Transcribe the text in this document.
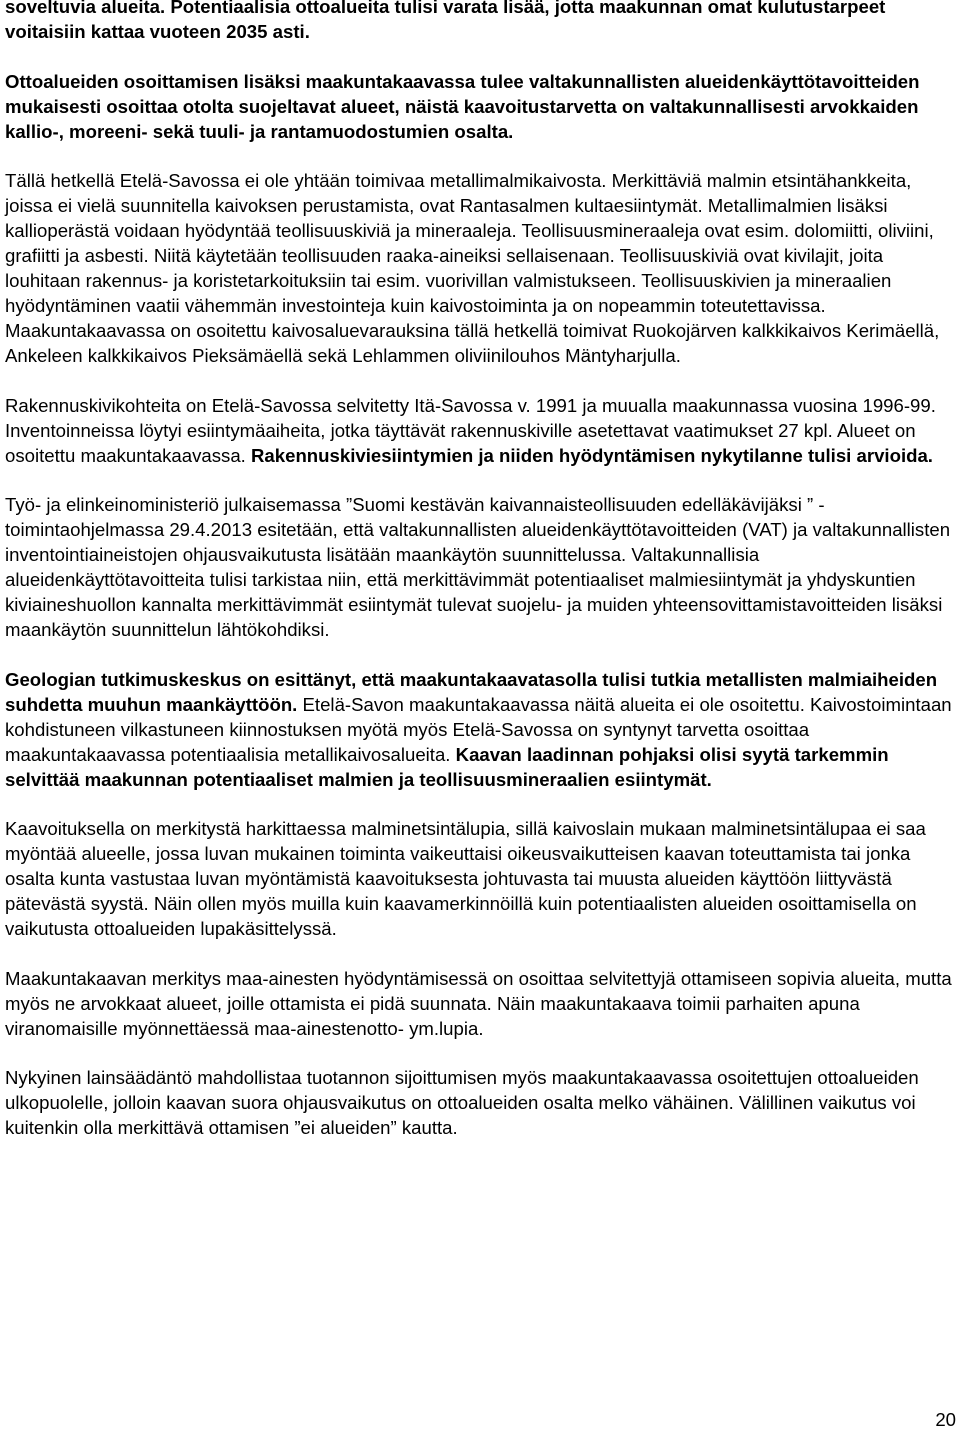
soveltuvia alueita. Potentiaalisia ottoalueita tulisi varata lisää, jotta maakunnan omat kulutustarpeet voitaisiin kattaa vuoteen 2035 asti.

Ottoalueiden osoittamisen lisäksi maakuntakaavassa tulee valtakunnallisten alueidenkäyttötavoitteiden mukaisesti osoittaa otolta suojeltavat alueet, näistä kaavoitustarvetta on valtakunnallisesti arvokkaiden kallio-, moreeni- sekä tuuli- ja rantamuodostumien osalta.

Tällä hetkellä Etelä-Savossa ei ole yhtään toimivaa metallimalmikaivosta. Merkittäviä malmin etsintähankkeita, joissa ei vielä suunnitella kaivoksen perustamista, ovat Rantasalmen kultaesiintymät. Metallimalmien lisäksi kallioperästä voidaan hyödyntää teollisuuskiviä ja mineraaleja. Teollisuusmineraaleja ovat esim. dolomiitti, oliviini, grafiitti ja asbesti. Niitä käytetään teollisuuden raaka-aineiksi sellaisenaan. Teollisuuskiviä ovat kivilajit, joita louhitaan rakennus- ja koristetarkoituksiin tai esim. vuorivillan valmistukseen. Teollisuuskivien ja mineraalien hyödyntäminen vaatii vähemmän investointeja kuin kaivostoiminta ja on nopeammin toteutettavissa. Maakuntakaavassa on osoitettu kaivosaluevarauksina tällä hetkellä toimivat Ruokojärven kalkkikaivos Kerimäellä, Ankeleen kalkkikaivos Pieksämäellä sekä Lehlammen oliviinilouhos Mäntyharjulla.

Rakennuskivikohteita on Etelä-Savossa selvitetty Itä-Savossa v. 1991 ja muualla maakunnassa vuosina 1996-99. Inventoinneissa löytyi esiintymäaiheita, jotka täyttävät rakennuskiville asetettavat vaatimukset 27 kpl. Alueet on osoitettu maakuntakaavassa. Rakennuskiviesiintymien ja niiden hyödyntämisen nykytilanne tulisi arvioida.

Työ- ja elinkeinoministeriö julkaisemassa ”Suomi kestävän kaivannaisteollisuuden edelläkävijäksi ” - toimintaohjelmassa 29.4.2013 esitetään, että valtakunnallisten alueidenkäyttötavoitteiden (VAT) ja valtakunnallisten inventointiaineistojen ohjausvaikutusta lisätään maankäytön suunnittelussa. Valtakunnallisia alueidenkäyttötavoitteita tulisi tarkistaa niin, että merkittävimmät potentiaaliset malmiesiintymät ja yhdyskuntien kiviaineshuollon kannalta merkittävimmät esiintymät tulevat suojelu- ja muiden yhteensovittamistavoitteiden lisäksi maankäytön suunnittelun lähtökohdiksi.

Geologian tutkimuskeskus on esittänyt, että maakuntakaavatasolla tulisi tutkia metallisten malmiaiheiden suhdetta muuhun maankäyttöön. Etelä-Savon maakuntakaavassa näitä alueita ei ole osoitettu. Kaivostoimintaan kohdistuneen vilkastuneen kiinnostuksen myötä myös Etelä-Savossa on syntynyt tarvetta osoittaa maakuntakaavassa potentiaalisia metallikaivosalueita. Kaavan laadinnan pohjaksi olisi syytä tarkemmin selvittää maakunnan potentiaaliset malmien ja teollisuusmineraalien esiintymät.

Kaavoituksella on merkitystä harkittaessa malminetsintälupia, sillä kaivoslain mukaan malminetsintälupaa ei saa myöntää alueelle, jossa luvan mukainen toiminta vaikeuttaisi oikeusvaikutteisen kaavan toteuttamista tai jonka osalta kunta vastustaa luvan myöntämistä kaavoituksesta johtuvasta tai muusta alueiden käyttöön liittyvästä pätevästä syystä. Näin ollen myös muilla kuin kaavamerkinnöillä kuin potentiaalisten alueiden osoittamisella on vaikutusta ottoalueiden lupakäsittelyssä.

Maakuntakaavan merkitys maa-ainesten hyödyntämisessä on osoittaa selvitettyjä ottamiseen sopivia alueita, mutta myös ne arvokkaat alueet, joille ottamista ei pidä suunnata. Näin maakuntakaava toimii parhaiten apuna viranomaisille myönnettäessä maa-ainestenotto- ym.lupia.

Nykyinen lainsäädäntö mahdollistaa tuotannon sijoittumisen myös maakuntakaavassa osoitettujen ottoalueiden ulkopuolelle, jolloin kaavan suora ohjausvaikutus on ottoalueiden osalta melko vähäinen. Välillinen vaikutus voi kuitenkin olla merkittävä ottamisen ”ei alueiden” kautta.

20
